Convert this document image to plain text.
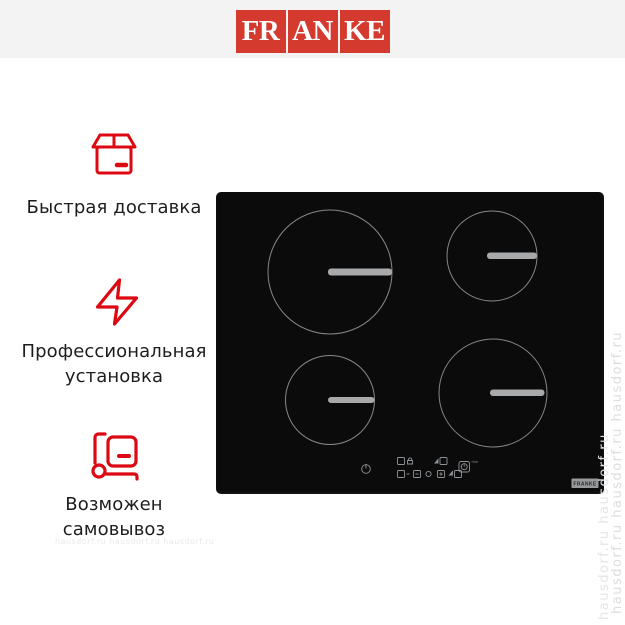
FR AN KE
Быстрая доставка
Профессиональная
установка
Возможен
самовывоз
min
FRANKE hausdorf.ru hausdorf.ru hausdorf.ru
hausdorf.ru hausdorf.ru
hausdorf.ru hausdorf.ru hausdorf.ru
